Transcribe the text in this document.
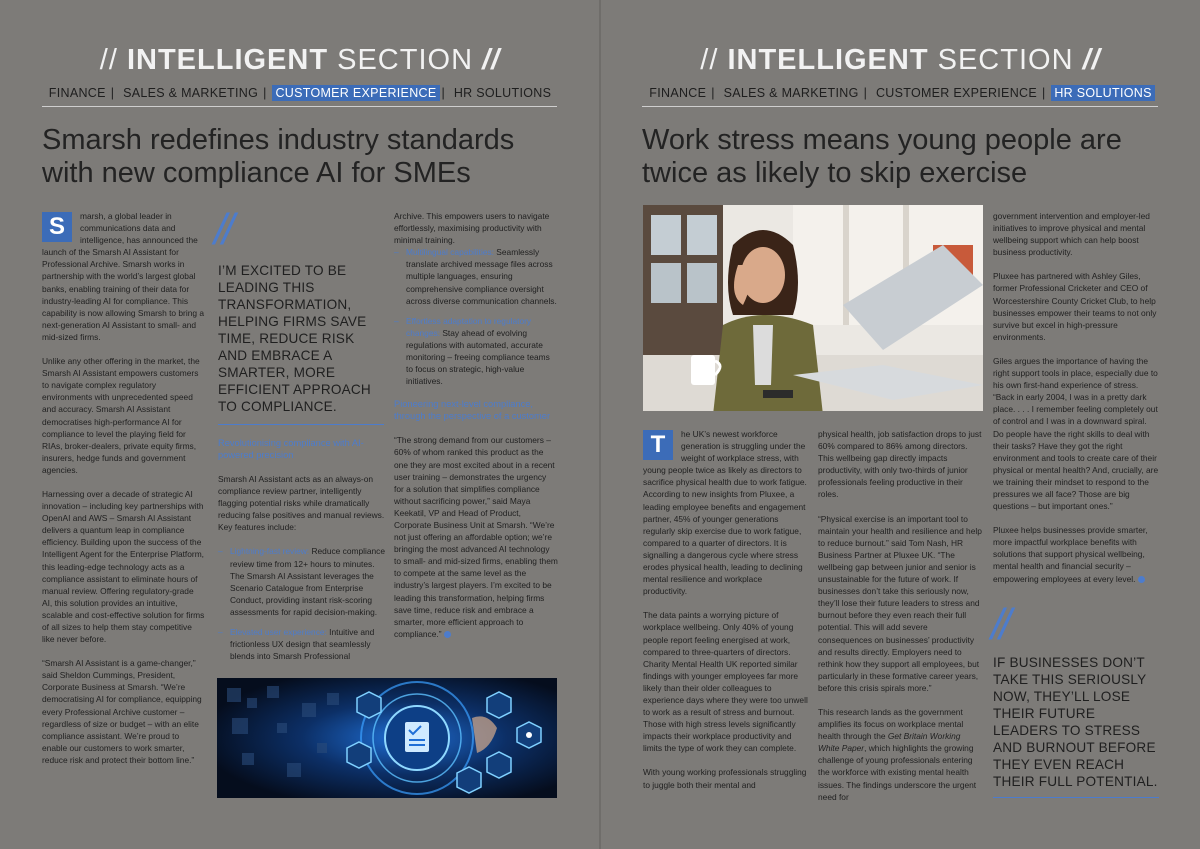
// INTELLIGENT SECTION //
FINANCE | SALES & MARKETING | CUSTOMER EXPERIENCE | HR SOLUTIONS
Smarsh redefines industry standards
with new compliance AI for SMEs

S	marsh, a global leader in communications data and intelligence, has announced the launch of the Smarsh AI Assistant for Professional Archive. Smarsh works in partnership with the world’s largest global banks, enabling training of their data for industry-leading AI for compliance. This capability is now allowing Smarsh to bring a next-generation AI Assistant to small- and mid-sized firms.

Unlike any other offering in the market, the Smarsh AI Assistant empowers customers to navigate complex regulatory environments with unprecedented speed and accuracy. Smarsh AI Assistant democratises high-performance AI for compliance to level the playing field for RIAs, broker-dealers, private equity firms, insurers, hedge funds and government agencies.

Harnessing over a decade of strategic AI innovation – including key partnerships with OpenAI and AWS – Smarsh AI Assistant delivers a quantum leap in compliance efficiency. Building upon the success of the Intelligent Agent for the Enterprise Platform, this leading-edge technology acts as a compliance assistant to eliminate hours of manual review. Offering regulatory-grade AI, this solution provides an intuitive, scalable and cost-effective solution for firms of all sizes to help them stay competitive like never before.

“Smarsh AI Assistant is a game-changer,” said Sheldon Cummings, President, Corporate Business at Smarsh. “We’re democratising AI for compliance, equipping every Professional Archive customer – regardless of size or budget – with an elite compliance assistant. We’re proud to enable our customers to work smarter, reduce risk and protect their bottom line.”

//
I’M EXCITED TO BE LEADING THIS TRANSFORMATION, HELPING FIRMS SAVE TIME, REDUCE RISK AND EMBRACE A SMARTER, MORE EFFICIENT APPROACH TO COMPLIANCE.
Revolutionising compliance with AI-powered precision

Smarsh AI Assistant acts as an always-on compliance review partner, intelligently flagging potential risks while dramatically reducing false positives and manual reviews. Key features include:

– Lightning-fast review: Reduce compliance review time from 12+ hours to minutes. The Smarsh AI Assistant leverages the Scenario Catalogue from Enterprise Conduct, providing instant risk-scoring assessments for rapid decision-making.
– Elevated user experience: Intuitive and frictionless UX design that seamlessly blends into Smarsh Professional

Archive. This empowers users to navigate effortlessly, maximising productivity with minimal training.

– Multilingual capabilities: Seamlessly translate archived message files across multiple languages, ensuring comprehensive compliance oversight across diverse communication channels.
– Effortless adaptation to regulatory changes: Stay ahead of evolving regulations with automated, accurate monitoring – freeing compliance teams to focus on strategic, high-value initiatives.
Pioneering next-level compliance, through the perspective of a customer

“The strong demand from our customers – 60% of whom ranked this product as the one they are most excited about in a recent user training – demonstrates the urgency for a solution that simplifies compliance without sacrificing power,” said Maya Keekatil, VP and Head of Product, Corporate Business Unit at Smarsh. “We’re not just offering an affordable option; we’re bringing the most advanced AI technology to small- and mid-sized firms, enabling them to compete at the same level as the industry’s largest players. I’m excited to be leading this transformation, helping firms save time, reduce risk and embrace a smarter, more efficient approach to compliance.”

// INTELLIGENT SECTION //
FINANCE | SALES & MARKETING | CUSTOMER EXPERIENCE | HR SOLUTIONS
Work stress means young people are
twice as likely to skip exercise

T	he UK’s newest workforce generation is struggling under the weight of workplace stress, with young people twice as likely as directors to sacrifice physical health due to work fatigue. According to new insights from Pluxee, a leading employee benefits and engagement partner, 45% of younger generations regularly skip exercise due to work fatigue, compared to a quarter of directors. It is signalling a dangerous cycle where stress erodes physical health, leading to declining mental resilience and workplace productivity.

The data paints a worrying picture of workplace wellbeing. Only 40% of young people report feeling energised at work, compared to three-quarters of directors. Charity Mental Health UK reported similar findings with younger employees far more likely than their older colleagues to experience days where they were too unwell to work as a result of stress and burnout. Those with high stress levels significantly impacts their workplace productivity and limits the type of work they can complete.

With young working professionals struggling to juggle both their mental and

physical health, job satisfaction drops to just 60% compared to 86% among directors. This wellbeing gap directly impacts productivity, with only two-thirds of junior professionals feeling productive in their roles.

“Physical exercise is an important tool to maintain your health and resilience and help to reduce burnout.” said Tom Nash, HR Business Partner at Pluxee UK. “The wellbeing gap between junior and senior is unsustainable for the future of work. If businesses don’t take this seriously now, they’ll lose their future leaders to stress and burnout before they even reach their full potential. This will add severe consequences on businesses’ productivity and results directly. Employers need to rethink how they support all employees, but particularly in these formative career years, before this crisis spirals more.”

This research lands as the government amplifies its focus on workplace mental health through the Get Britain Working White Paper, which highlights the growing challenge of young professionals entering the workforce with existing mental health issues. The findings underscore the urgent need for

government intervention and employer-led initiatives to improve physical and mental wellbeing support which can help boost business productivity.

Pluxee has partnered with Ashley Giles, former Professional Cricketer and CEO of Worcestershire County Cricket Club, to help businesses empower their teams to not only survive but excel in high-pressure environments.

Giles argues the importance of having the right support tools in place, especially due to his own first-hand experience of stress. “Back in early 2004, I was in a pretty dark place. . . . I remember feeling completely out of control and I was in a downward spiral. Do people have the right skills to deal with their tasks? Have they got the right environment and tools to create care of their physical or mental health? And, crucially, are we training their mindset to respond to the pressures we all face? Those are big questions – but important ones.”

Pluxee helps businesses provide smarter, more impactful workplace benefits with solutions that support physical wellbeing, mental health and financial security – empowering employees at every level.

//
IF BUSINESSES DON’T TAKE THIS SERIOUSLY NOW, THEY’LL LOSE THEIR FUTURE LEADERS TO STRESS AND BURNOUT BEFORE THEY EVEN REACH THEIR FULL POTENTIAL.
